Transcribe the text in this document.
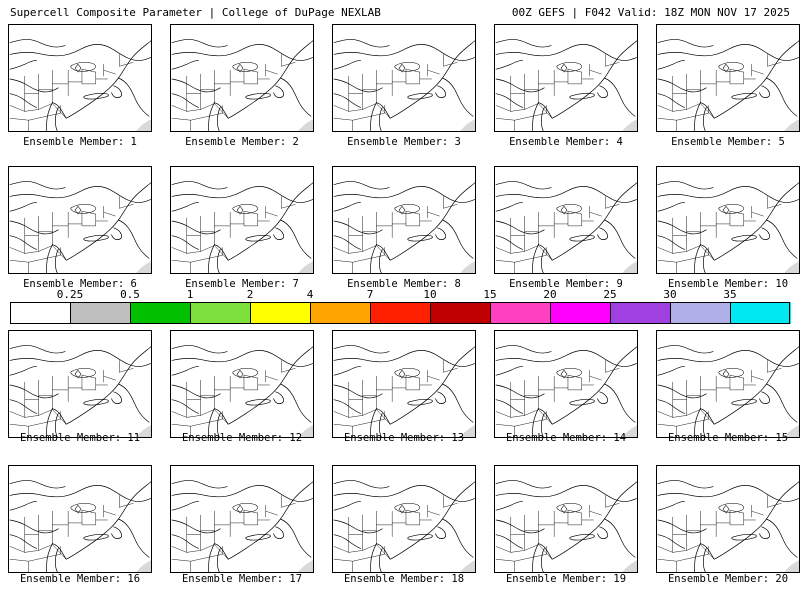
Supercell Composite Parameter | College of DuPage NEXLAB	00Z GEFS | F042 Valid: 18Z MON NOV 17 2025
Ensemble Member: 1	Ensemble Member: 2	Ensemble Member: 3	Ensemble Member: 4	Ensemble Member: 5
Ensemble Member: 6	Ensemble Member: 7	Ensemble Member: 8	Ensemble Member: 9	Ensemble Member: 10
Ensemble Member: 11	Ensemble Member: 12	Ensemble Member: 13	Ensemble Member: 14	Ensemble Member: 15
Ensemble Member: 16	Ensemble Member: 17	Ensemble Member: 18	Ensemble Member: 19	Ensemble Member: 20
0.25	0.5	1	2	4	7	10	15	20	25	30	35
